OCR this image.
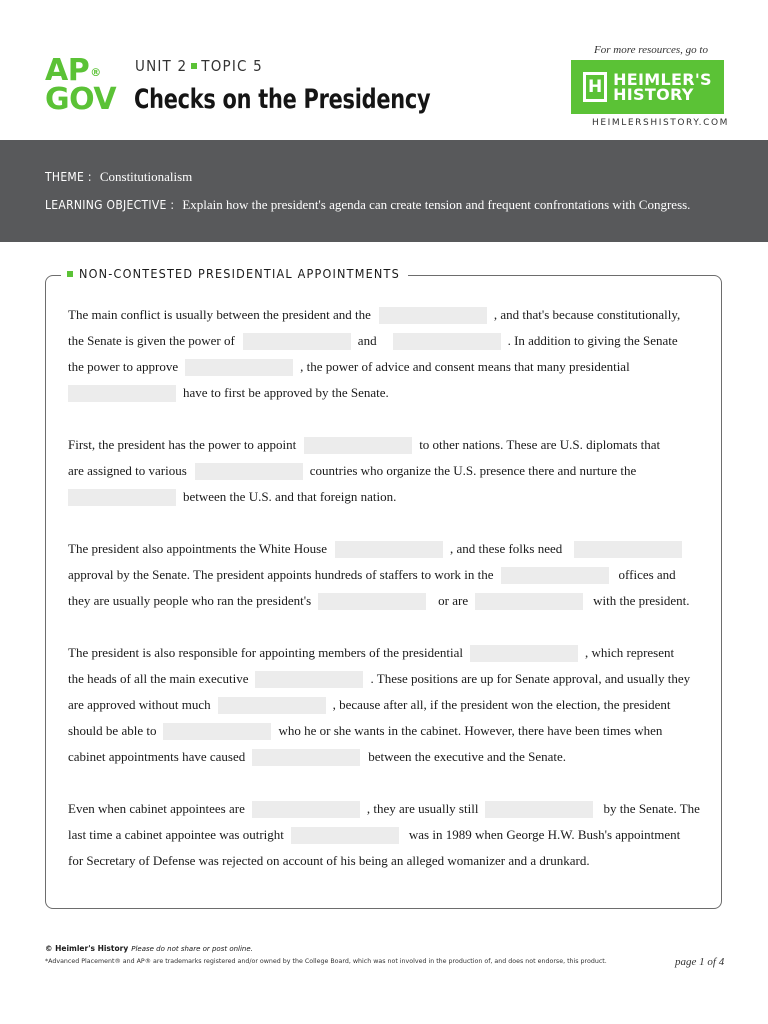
AP®
GOV
UNIT 2 TOPIC 5
Checks on the Presidency
For more resources, go to
H HEIMLER'S
HISTORY
HEIMLERSHISTORY.COM
THEME : Constitutionalism
LEARNING OBJECTIVE : Explain how the president's agenda can create tension and frequent confrontations with Congress.
NON-CONTESTED PRESIDENTIAL APPOINTMENTS
The main conflict is usually between the president and the	, and that's because constitutionally,
the Senate is given the power of	and	. In addition to giving the Senate
the power to approve	, the power of advice and consent means that many presidential
have to first be approved by the Senate.
First, the president has the power to appoint	to other nations. These are U.S. diplomats that
are assigned to various	countries who organize the U.S. presence there and nurture the
between the U.S. and that foreign nation.
The president also appointments the White House	, and these folks need
approval by the Senate. The president appoints hundreds of staffers to work in the	offices and
they are usually people who ran the president's	or are	with the president.
The president is also responsible for appointing members of the presidential	, which represent
the heads of all the main executive	. These positions are up for Senate approval, and usually they
are approved without much	, because after all, if the president won the election, the president
should be able to	who he or she wants in the cabinet. However, there have been times when
cabinet appointments have caused	between the executive and the Senate.
Even when cabinet appointees are	, they are usually still	by the Senate. The
last time a cabinet appointee was outright	was in 1989 when George H.W. Bush's appointment
for Secretary of Defense was rejected on account of his being an alleged womanizer and a drunkard.
© Heimler's History Please do not share or post online.
*Advanced Placement® and AP® are trademarks registered and/or owned by the College Board, which was not involved in the production of, and does not endorse, this product.	page 1 of 4
